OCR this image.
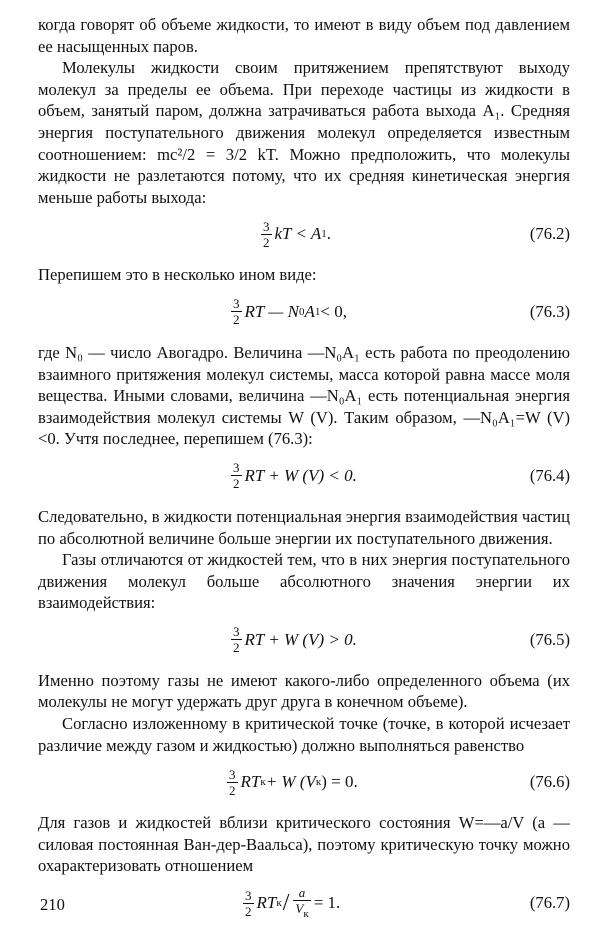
когда говорят об объеме жидкости, то имеют в виду объем под давлением ее насыщенных паров.

Молекулы жидкости своим притяжением препятствуют выходу молекул за пределы ее объема. При переходе частицы из жидкости в объем, занятый паром, должна затрачиваться работа выхода A₁. Средняя энергия поступательного движения молекул определяется известным соотношением: mc²/2 = 3/2 kT. Можно предположить, что молекулы жидкости не разлетаются потому, что их средняя кинетическая энергия меньше работы выхода:

$\frac{3}{2}$ kT < A 1 .	(76.2)

Перепишем это в несколько ином виде:

$\frac{3}{2}$ RT — N 0 A 1 < 0,	(76.3)

где N₀ — число Авогадро. Величина —N₀A₁ есть работа по преодолению взаимного притяжения молекул системы, масса которой равна массе моля вещества. Иными словами, величина —N₀A₁ есть потенциальная энергия взаимодействия молекул системы W (V). Таким образом, —N₀A₁=W (V)<0. Учтя последнее, перепишем (76.3):

$\frac{3}{2}$ RT + W (V) < 0.	(76.4)

Следовательно, в жидкости потенциальная энергия взаимодействия частиц по абсолютной величине больше энергии их поступательного движения.

Газы отличаются от жидкостей тем, что в них энергия поступательного движения молекул больше абсолютного значения энергии их взаимодействия:

$\frac{3}{2}$ RT + W (V) > 0.	(76.5)

Именно поэтому газы не имеют какого-либо определенного объема (их молекулы не могут удержать друг друга в конечном объеме).

Согласно изложенному в критической точке (точке, в которой исчезает различие между газом и жидкостью) должно выполняться равенство

$\frac{3}{2}$ RT к + W (V к ) = 0.	(76.6)

Для газов и жидкостей вблизи критического состояния W=—a/V (a — силовая постоянная Ван-дер-Ваальса), поэтому критическую точку можно охарактеризовать отношением

$\frac{3}{2}$ RT $к / \frac{a}{V_к} = 1$.	(76.7)
210
